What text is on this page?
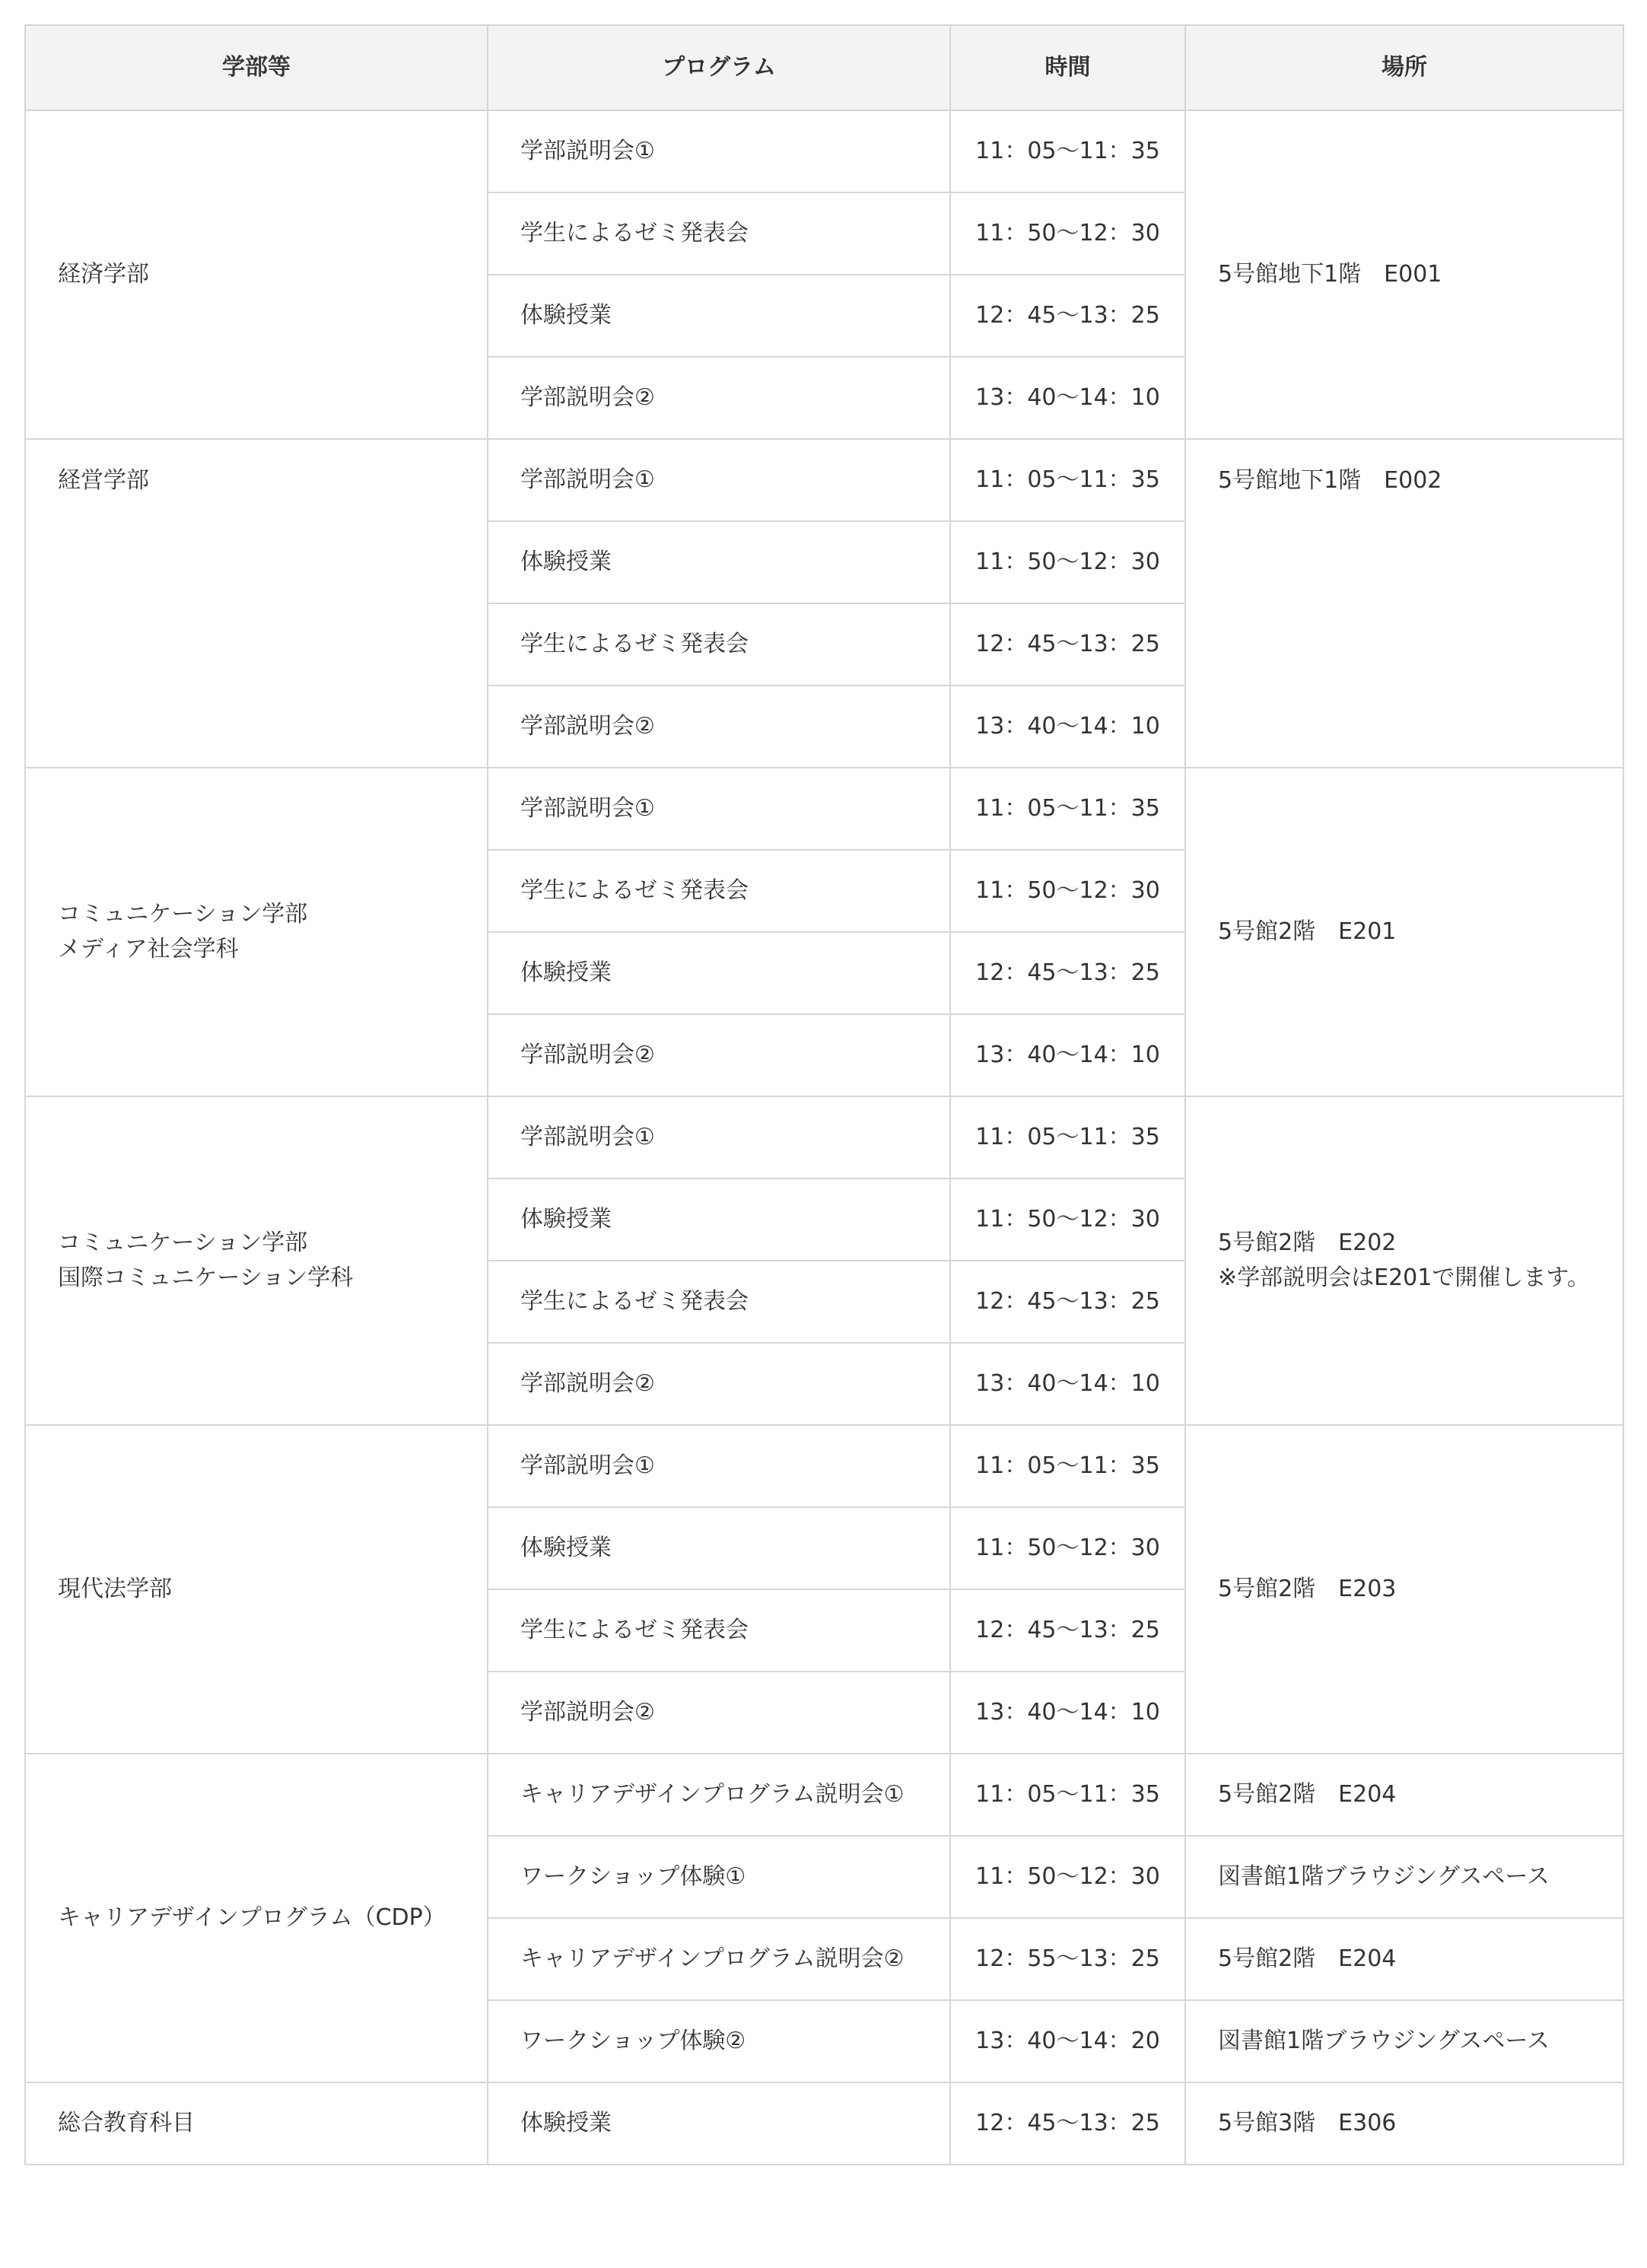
学部等	プログラム	時間	場所

経済学部	学部説明会①	11：05～11：35	5号館地下1階　E001

	学生によるゼミ発表会	11：50～12：30	
	体験授業	12：45～13：25	
	学部説明会②	13：40～14：10	

経営学部	学部説明会①	11：05～11：35	5号館地下1階　E002

	体験授業	11：50～12：30	
	学生によるゼミ発表会	12：45～13：25	
	学部説明会②	13：40～14：10	

コミュニケーション学部
メディア社会学科	学部説明会①	11：05～11：35	5号館2階　E201

	学生によるゼミ発表会	11：50～12：30	
	体験授業	12：45～13：25	
	学部説明会②	13：40～14：10	

コミュニケーション学部
国際コミュニケーション学科	学部説明会①	11：05～11：35	5号館2階　E202
※学部説明会はE201で開催します。

	体験授業	11：50～12：30	
	学生によるゼミ発表会	12：45～13：25	
	学部説明会②	13：40～14：10	

現代法学部	学部説明会①	11：05～11：35	5号館2階　E203

	体験授業	11：50～12：30	
	学生によるゼミ発表会	12：45～13：25	
	学部説明会②	13：40～14：10	

キャリアデザインプログラム（CDP）	キャリアデザインプログラム説明会①	11：05～11：35	5号館2階　E204

	ワークショップ体験①	11：50～12：30	図書館1階ブラウジングスペース

	キャリアデザインプログラム説明会②	12：55～13：25	5号館2階　E204

	ワークショップ体験②	13：40～14：20	図書館1階ブラウジングスペース

総合教育科目	体験授業	12：45～13：25	5号館3階　E306
